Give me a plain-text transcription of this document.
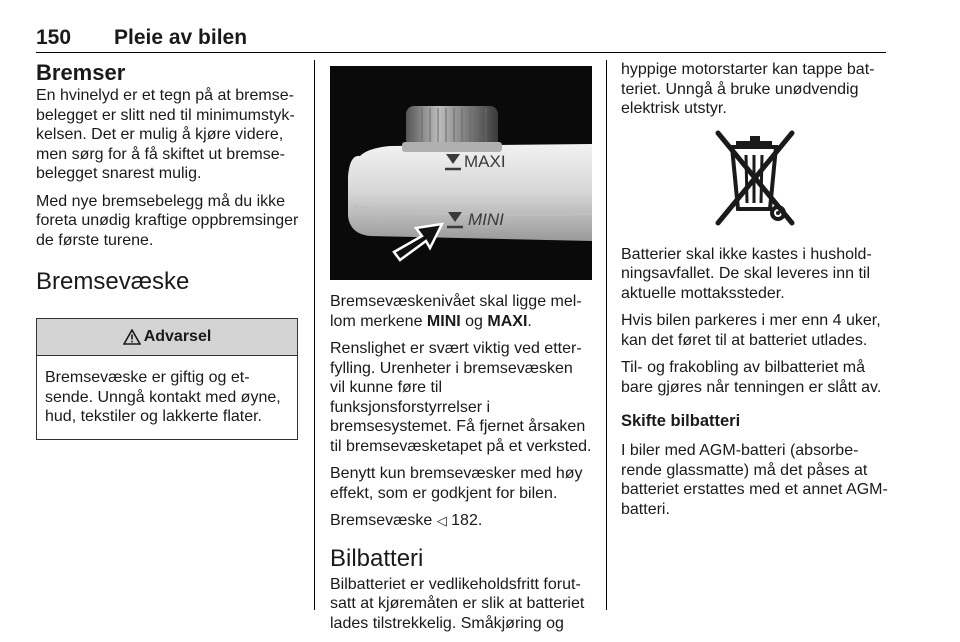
150 Pleie av bilen
Bremser

En hvinelyd er et tegn på at bremsebelegget er slitt ned til minimumstykkelsen. Det er mulig å kjøre videre, men sørg for å få skiftet ut bremsebelegget snarest mulig.

Med nye bremsebelegg må du ikke foreta unødig kraftige oppbremsinger de første turene.

Bremsevæske
Advarsel

Bremsevæske er giftig og etsende. Unngå kontakt med øyne, hud, tekstiler og lakkerte flater.

MAXI
MINI

Bremsevæskenivået skal ligge mellom merkene MINI og MAXI.

Renslighet er svært viktig ved etterfylling. Urenheter i bremsevæsken vil kunne føre til funksjonsforstyrrelser i bremsesystemet. Få fjernet årsaken til bremsevæsketapet på et verksted.

Benytt kun bremsevæsker med høy effekt, som er godkjent for bilen.

Bremsevæske ◁ 182.

Bilbatteri

Bilbatteriet er vedlikeholdsfritt forutsatt at kjøremåten er slik at batteriet lades tilstrekkelig. Småkjøring og

hyppige motorstarter kan tappe batteriet. Unngå å bruke unødvendig elektrisk utstyr.

Batterier skal ikke kastes i husholdningsavfallet. De skal leveres inn til aktuelle mottakssteder.

Hvis bilen parkeres i mer enn 4 uker, kan det føret til at batteriet utlades.

Til- og frakobling av bilbatteriet må bare gjøres når tenningen er slått av.

Skifte bilbatteri

I biler med AGM-batteri (absorberende glassmatte) må det påses at batteriet erstattes med et annet AGM-batteri.
